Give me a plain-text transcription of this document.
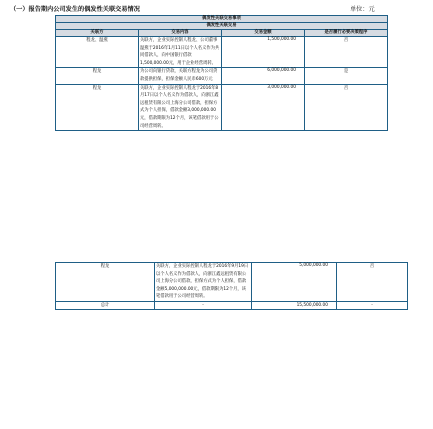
（一）报告期内公司发生的偶发性关联交易情况	单位：元
偶发性关联交易事项			
偶发性关联交易			
关联方	交易内容	交易金额	是否履行必要决策程序
程龙、温燕	关联方，企业实际控制人程龙、公司董事温燕于2016年1月11日以个人名义作为共同借款人，向中国银行借款1,500,000.00元，用于企业经营周转。	1,500,000.00	否
程龙	为公司向银行贷款，关联方程龙为公司贷款提供担保，担保金额人民币600万元	6,000,000.00	是
程龙	关联方，企业实际控制人程龙于2016年8月17日以个人名义作为借款人，向浙江鑫远租赁有限公司上海分公司借款，担保方式为个人担保，借款金额3,000,000.00元，借款期限为12个月，该笔借款用于公司经营周转。	3,000,000.00	否
程龙	关联方，企业实际控制人程龙于2016年9月19日以个人名义作为借款人，向浙江鑫远租赁有限公司上海分公司借款，担保方式为个人担保，借款金额5,000,000.00元，借款期限为12个月，该笔借款用于公司经营周转。	5,000,000.00	否
总计	-	15,500,000.00	-
